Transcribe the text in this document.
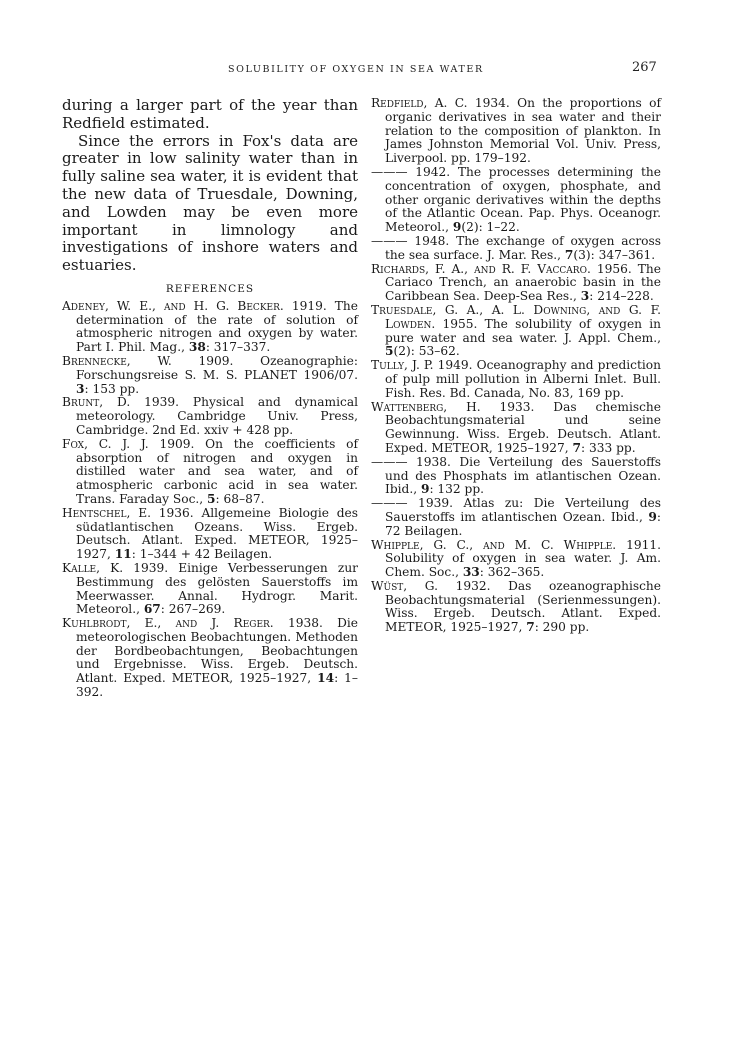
SOLUBILITY OF OXYGEN IN SEA WATER	267

during a larger part of the year than Redfield estimated.

Since the errors in Fox's data are greater in low salinity water than in fully saline sea water, it is evident that the new data of Truesdale, Downing, and Lowden may be even more important in limnology and investigations of inshore waters and estuaries.

REFERENCES

Adeney, W. E., and H. G. Becker. 1919. The determination of the rate of solution of atmospheric nitrogen and oxygen by water. Part I. Phil. Mag., 38: 317–337.

Brennecke, W. 1909. Ozeanographie: Forschungsreise S. M. S. PLANET 1906/07. 3: 153 pp.

Brunt, D. 1939. Physical and dynamical meteorology. Cambridge Univ. Press, Cambridge. 2nd Ed. xxiv + 428 pp.

Fox, C. J. J. 1909. On the coefficients of absorption of nitrogen and oxygen in distilled water and sea water, and of atmospheric carbonic acid in sea water. Trans. Faraday Soc., 5: 68–87.

Hentschel, E. 1936. Allgemeine Biologie des südatlantischen Ozeans. Wiss. Ergeb. Deutsch. Atlant. Exped. METEOR, 1925–1927, 11: 1–344 + 42 Beilagen.

Kalle, K. 1939. Einige Verbesserungen zur Bestimmung des gelösten Sauerstoffs im Meerwasser. Annal. Hydrogr. Marit. Meteorol., 67: 267–269.

Kuhlbrodt, E., and J. Reger. 1938. Die meteorologischen Beobachtungen. Methoden der Bordbeobachtungen, Beobachtungen und Ergebnisse. Wiss. Ergeb. Deutsch. Atlant. Exped. METEOR, 1925–1927, 14: 1–392.

Redfield, A. C. 1934. On the proportions of organic derivatives in sea water and their relation to the composition of plankton. In James Johnston Memorial Vol. Univ. Press, Liverpool. pp. 179–192.

——— 1942. The processes determining the concentration of oxygen, phosphate, and other organic derivatives within the depths of the Atlantic Ocean. Pap. Phys. Oceanogr. Meteorol., 9(2): 1–22.

——— 1948. The exchange of oxygen across the sea surface. J. Mar. Res., 7(3): 347–361.

Richards, F. A., and R. F. Vaccaro. 1956. The Cariaco Trench, an anaerobic basin in the Caribbean Sea. Deep-Sea Res., 3: 214–228.

Truesdale, G. A., A. L. Downing, and G. F. Lowden. 1955. The solubility of oxygen in pure water and sea water. J. Appl. Chem., 5(2): 53–62.

Tully, J. P. 1949. Oceanography and prediction of pulp mill pollution in Alberni Inlet. Bull. Fish. Res. Bd. Canada, No. 83, 169 pp.

Wattenberg, H. 1933. Das chemische Beobachtungsmaterial und seine Gewinnung. Wiss. Ergeb. Deutsch. Atlant. Exped. METEOR, 1925–1927, 7: 333 pp.

——— 1938. Die Verteilung des Sauerstoffs und des Phosphats im atlantischen Ozean. Ibid., 9: 132 pp.

——— 1939. Atlas zu: Die Verteilung des Sauerstoffs im atlantischen Ozean. Ibid., 9: 72 Beilagen.

Whipple, G. C., and M. C. Whipple. 1911. Solubility of oxygen in sea water. J. Am. Chem. Soc., 33: 362–365.

Wüst, G. 1932. Das ozeanographische Beobachtungsmaterial (Serienmessungen). Wiss. Ergeb. Deutsch. Atlant. Exped. METEOR, 1925–1927, 7: 290 pp.
